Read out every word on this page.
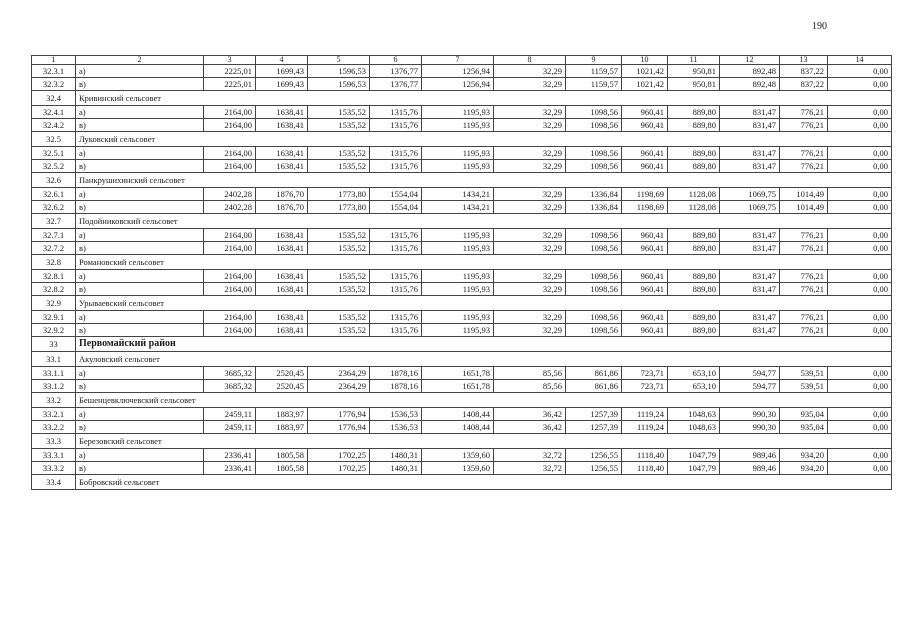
190
1	2	3	4	5	6	7	8	9	10	11	12	13	14
32.3.1	а)	2225,01	1699,43	1596,53	1376,77	1256,94	32,29	1159,57	1021,42	950,81	892,48	837,22	0,00
32.3.2	в)	2225,01	1699,43	1596,53	1376,77	1256,94	32,29	1159,57	1021,42	950,81	892,48	837,22	0,00
32.4	Кривинский сельсовет												
32.4.1	а)	2164,00	1638,41	1535,52	1315,76	1195,93	32,29	1098,56	960,41	889,80	831,47	776,21	0,00
32.4.2	в)	2164,00	1638,41	1535,52	1315,76	1195,93	32,29	1098,56	960,41	889,80	831,47	776,21	0,00
32.5	Луковский сельсовет												
32.5.1	а)	2164,00	1638,41	1535,52	1315,76	1195,93	32,29	1098,56	960,41	889,80	831,47	776,21	0,00
32.5.2	в)	2164,00	1638,41	1535,52	1315,76	1195,93	32,29	1098,56	960,41	889,80	831,47	776,21	0,00
32.6	Панкрушихинский сельсовет												
32.6.1	а)	2402,28	1876,70	1773,80	1554,04	1434,21	32,29	1336,84	1198,69	1128,08	1069,75	1014,49	0,00
32.6.2	в)	2402,28	1876,70	1773,80	1554,04	1434,21	32,29	1336,84	1198,69	1128,08	1069,75	1014,49	0,00
32.7	Подойниковский сельсовет												
32.7.1	а)	2164,00	1638,41	1535,52	1315,76	1195,93	32,29	1098,56	960,41	889,80	831,47	776,21	0,00
32.7.2	в)	2164,00	1638,41	1535,52	1315,76	1195,93	32,29	1098,56	960,41	889,80	831,47	776,21	0,00
32.8	Романовский сельсовет												
32.8.1	а)	2164,00	1638,41	1535,52	1315,76	1195,93	32,29	1098,56	960,41	889,80	831,47	776,21	0,00
32.8.2	в)	2164,00	1638,41	1535,52	1315,76	1195,93	32,29	1098,56	960,41	889,80	831,47	776,21	0,00
32.9	Урываевский сельсовет												
32.9.1	а)	2164,00	1638,41	1535,52	1315,76	1195,93	32,29	1098,56	960,41	889,80	831,47	776,21	0,00
32.9.2	в)	2164,00	1638,41	1535,52	1315,76	1195,93	32,29	1098,56	960,41	889,80	831,47	776,21	0,00
33	Первомайский район												
33.1	Акуловский сельсовет												
33.1.1	а)	3685,32	2520,45	2364,29	1878,16	1651,78	85,56	861,86	723,71	653,10	594,77	539,51	0,00
33.1.2	в)	3685,32	2520,45	2364,29	1878,16	1651,78	85,56	861,86	723,71	653,10	594,77	539,51	0,00
33.2	Бешенцевключевский сельсовет												
33.2.1	а)	2459,11	1883,97	1776,94	1536,53	1408,44	36,42	1257,39	1119,24	1048,63	990,30	935,04	0,00
33.2.2	в)	2459,11	1883,97	1776,94	1536,53	1408,44	36,42	1257,39	1119,24	1048,63	990,30	935,04	0,00
33.3	Березовский сельсовет												
33.3.1	а)	2336,41	1805,58	1702,25	1480,31	1359,60	32,72	1256,55	1118,40	1047,79	989,46	934,20	0,00
33.3.2	в)	2336,41	1805,58	1702,25	1480,31	1359,60	32,72	1256,55	1118,40	1047,79	989,46	934,20	0,00
33.4	Бобровский сельсовет												
